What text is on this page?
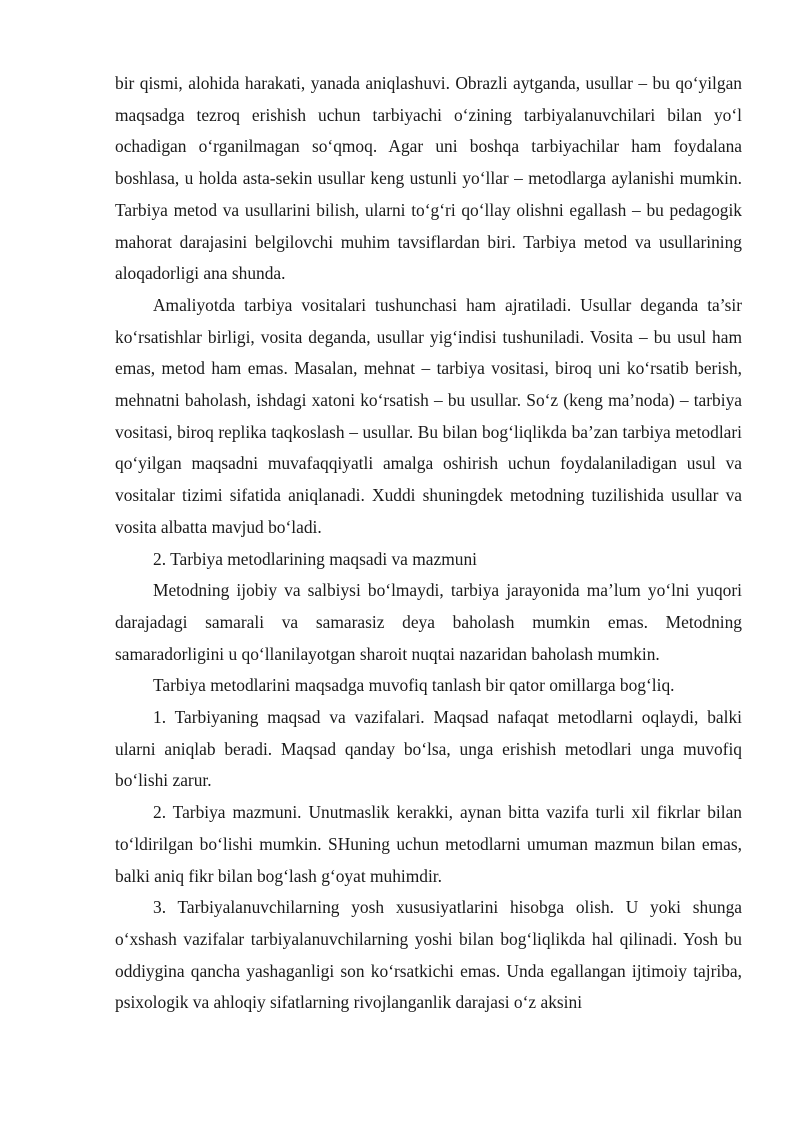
bir qismi, alohida harakati, yanada aniqlashuvi. Obrazli aytganda, usullar – bu qo‘yilgan maqsadga tezroq erishish uchun tarbiyachi o‘zining tarbiyalanuvchilari bilan yo‘l ochadigan o‘rganilmagan so‘qmoq. Agar uni boshqa tarbiyachilar ham foydalana boshlasa, u holda asta-sekin usullar keng ustunli yo‘llar – metodlarga aylanishi mumkin. Tarbiya metod va usullarini bilish, ularni to‘g‘ri qo‘llay olishni egallash – bu pedagogik mahorat darajasini belgilovchi muhim tavsiflardan biri. Tarbiya metod va usullarining aloqadorligi ana shunda.

Amaliyotda tarbiya vositalari tushunchasi ham ajratiladi. Usullar deganda ta’sir ko‘rsatishlar birligi, vosita deganda, usullar yig‘indisi tushuniladi. Vosita – bu usul ham emas, metod ham emas. Masalan, mehnat – tarbiya vositasi, biroq uni ko‘rsatib berish, mehnatni baholash, ishdagi xatoni ko‘rsatish – bu usullar. So‘z (keng ma’noda) – tarbiya vositasi, biroq replika taqkoslash – usullar. Bu bilan bog‘liqlikda ba’zan tarbiya metodlari qo‘yilgan maqsadni muvafaqqiyatli amalga oshirish uchun foydalaniladigan usul va vositalar tizimi sifatida aniqlanadi. Xuddi shuningdek metodning tuzilishida usullar va vosita albatta mavjud bo‘ladi.

2. Tarbiya metodlarining maqsadi va mazmuni

Metodning ijobiy va salbiysi bo‘lmaydi, tarbiya jarayonida ma’lum yo‘lni yuqori darajadagi samarali va samarasiz deya baholash mumkin emas. Metodning samaradorligini u qo‘llanilayotgan sharoit nuqtai nazaridan baholash mumkin.

Tarbiya metodlarini maqsadga muvofiq tanlash bir qator omillarga bog‘liq.

1. Tarbiyaning maqsad va vazifalari. Maqsad nafaqat metodlarni oqlaydi, balki ularni aniqlab beradi. Maqsad qanday bo‘lsa, unga erishish metodlari unga muvofiq bo‘lishi zarur.

2. Tarbiya mazmuni. Unutmaslik kerakki, aynan bitta vazifa turli xil fikrlar bilan to‘ldirilgan bo‘lishi mumkin. SHuning uchun metodlarni umuman mazmun bilan emas, balki aniq fikr bilan bog‘lash g‘oyat muhimdir.

3. Tarbiyalanuvchilarning yosh xususiyatlarini hisobga olish. U yoki shunga o‘xshash vazifalar tarbiyalanuvchilarning yoshi bilan bog‘liqlikda hal qilinadi. Yosh bu oddiygina qancha yashaganligi son ko‘rsatkichi emas. Unda egallangan ijtimoiy tajriba, psixologik va ahloqiy sifatlarning rivojlanganlik darajasi o‘z aksini
